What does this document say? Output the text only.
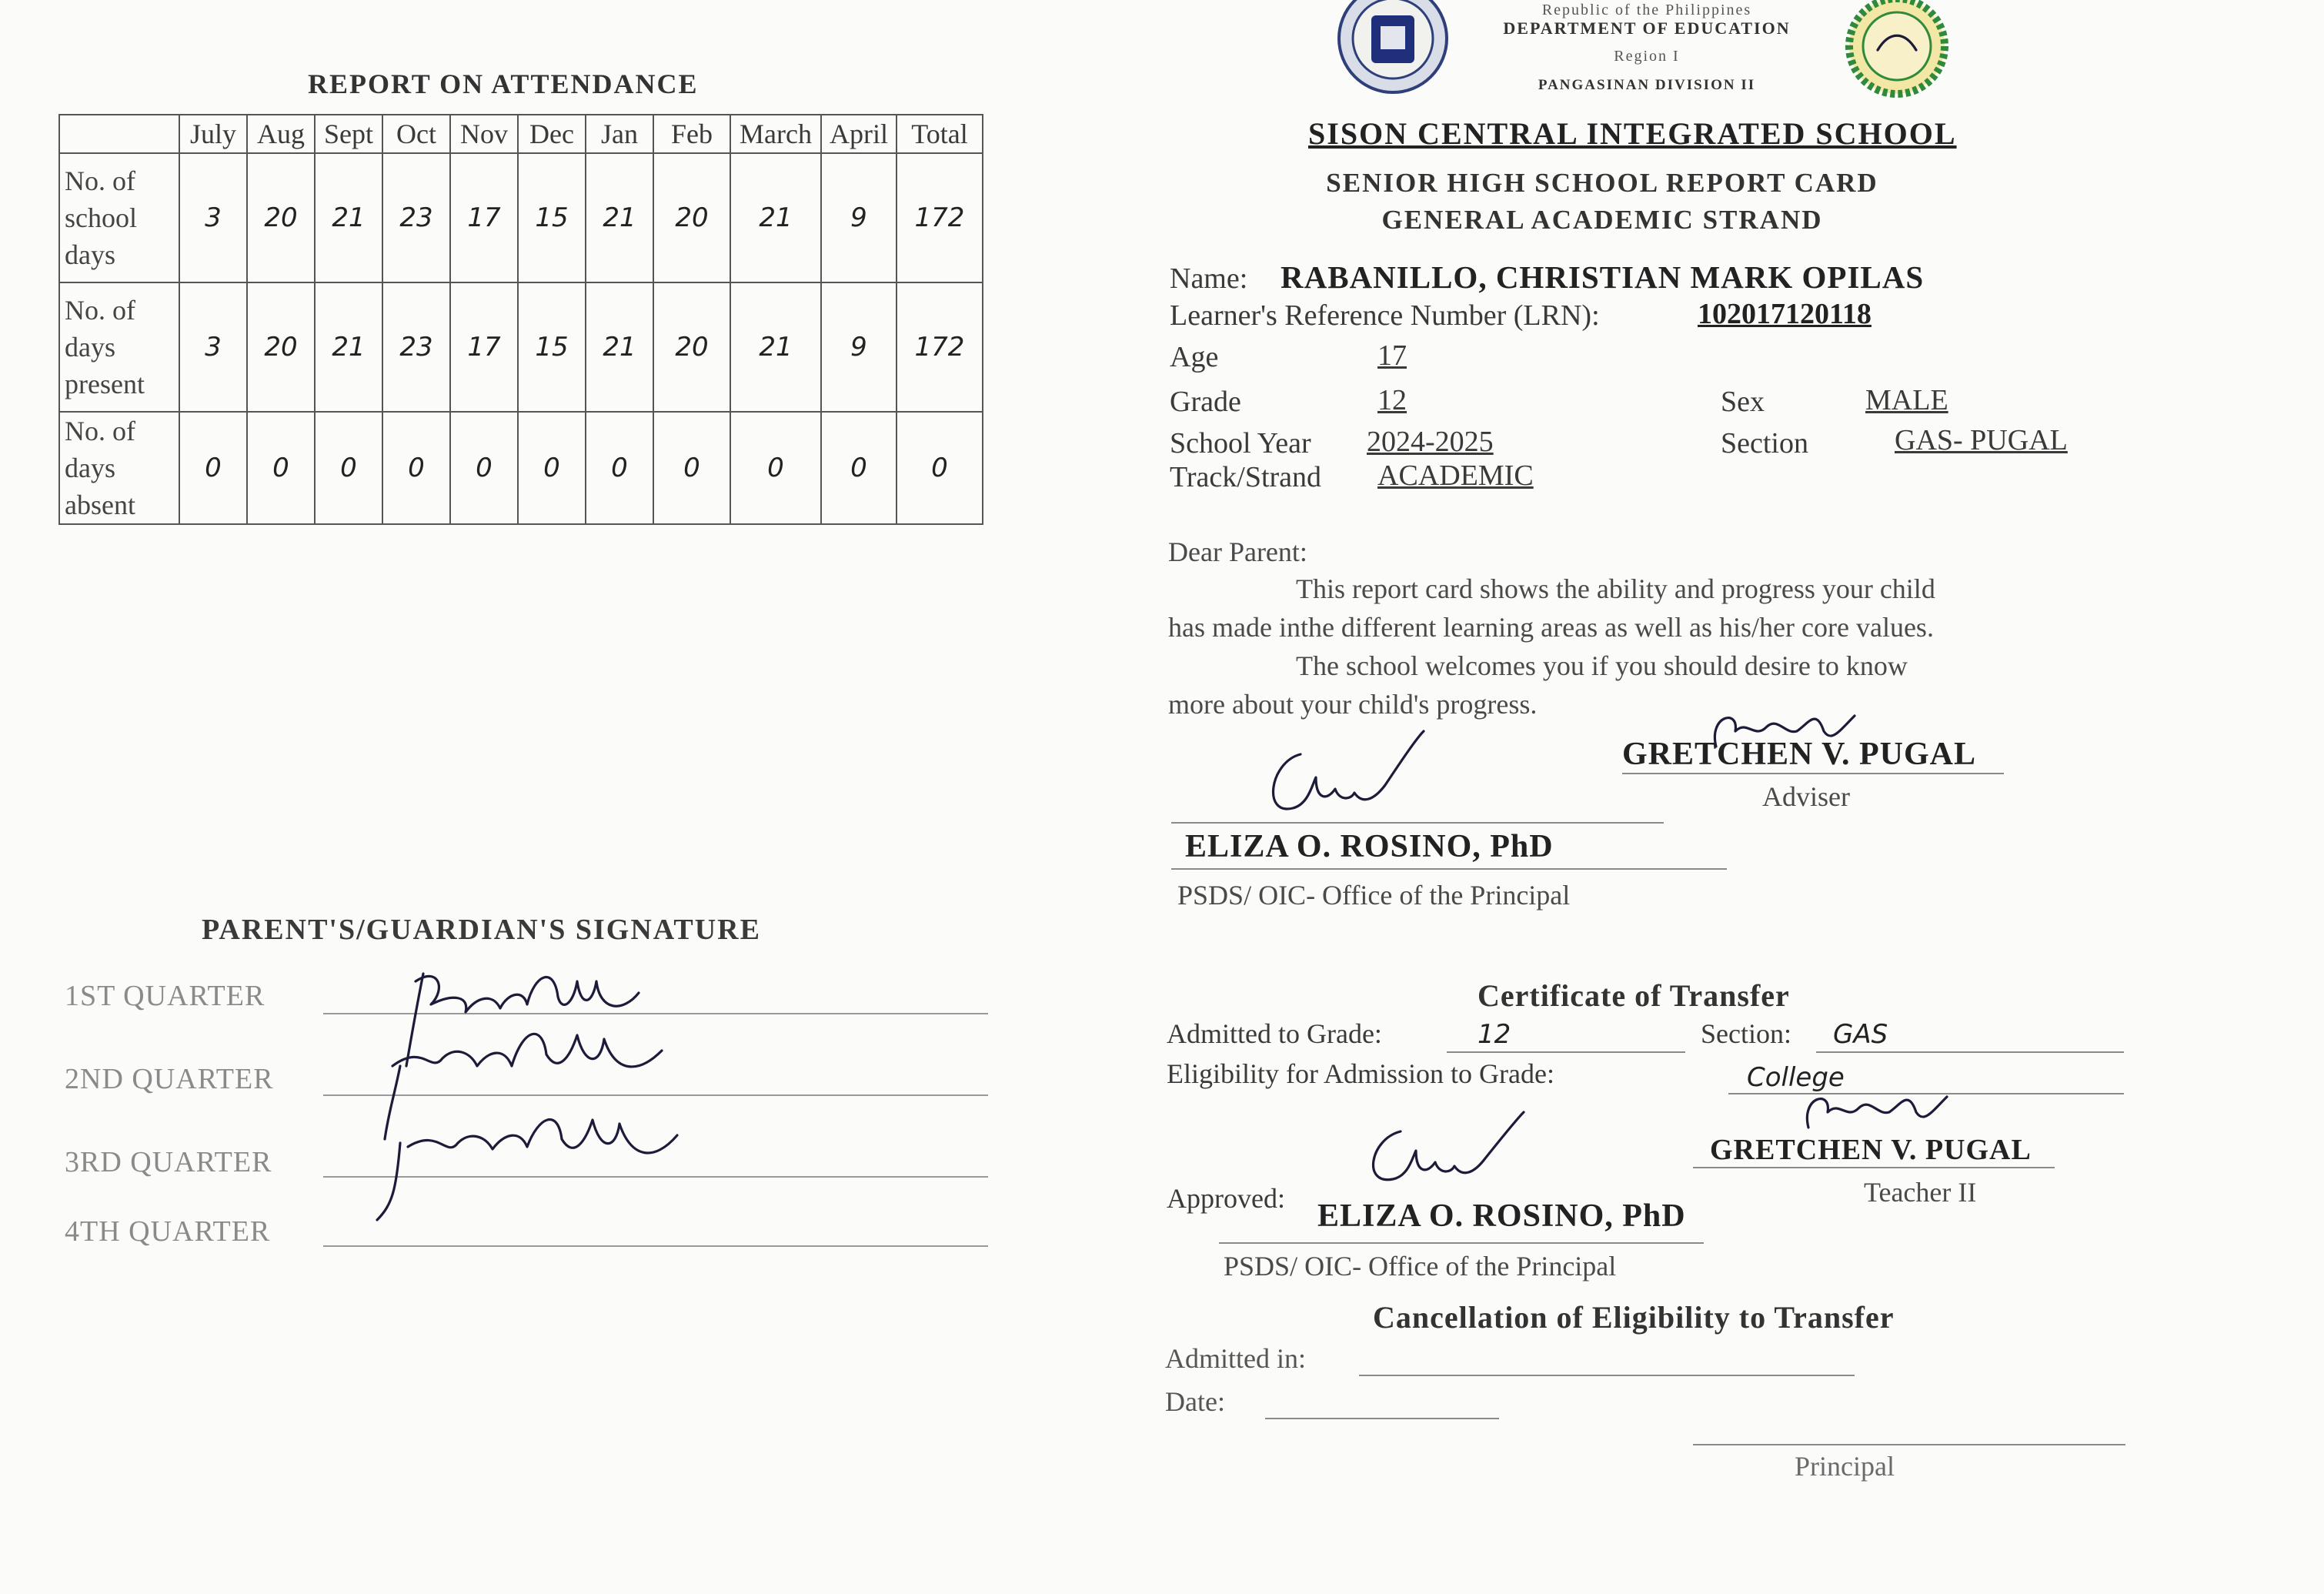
REPORT ON ATTENDANCE
	July	Aug	Sept	Oct	Nov	Dec	Jan	Feb	March	April	Total
No. of
school
days	3	20	21	23	17	15	21	20	21	9	172
No. of
days
present	3	20	21	23	17	15	21	20	21	9	172
No. of
days
absent	0	0	0	0	0	0	0	0	0	0	0
PARENT'S/GUARDIAN'S SIGNATURE
1ST QUARTER
2ND QUARTER
3RD QUARTER
4TH QUARTER
Republic of the Philippines
DEPARTMENT OF EDUCATION
Region I
PANGASINAN DIVISION II
SISON CENTRAL INTEGRATED SCHOOL
SENIOR HIGH SCHOOL REPORT CARD
GENERAL ACADEMIC STRAND
Name: RABANILLO, CHRISTIAN MARK OPILAS
Learner's Reference Number (LRN):	102017120118
Age	17
Grade	12	Sex	MALE
School Year 2024-2025	Section	GAS- PUGAL
Track/Strand ACADEMIC
Dear Parent:
This report card shows the ability and progress your child
has made inthe different learning areas as well as his/her core values.
The school welcomes you if you should desire to know
more about your child's progress.
GRETCHEN V. PUGAL
Adviser
ELIZA O. ROSINO, PhD
PSDS/ OIC- Office of the Principal
Certificate of Transfer
Admitted to Grade:	12	Section: GAS
Eligibility for Admission to Grade:	College
GRETCHEN V. PUGAL
Teacher II
Approved: ELIZA O. ROSINO, PhD
PSDS/ OIC- Office of the Principal
Cancellation of Eligibility to Transfer
Admitted in:
Date:
Principal
